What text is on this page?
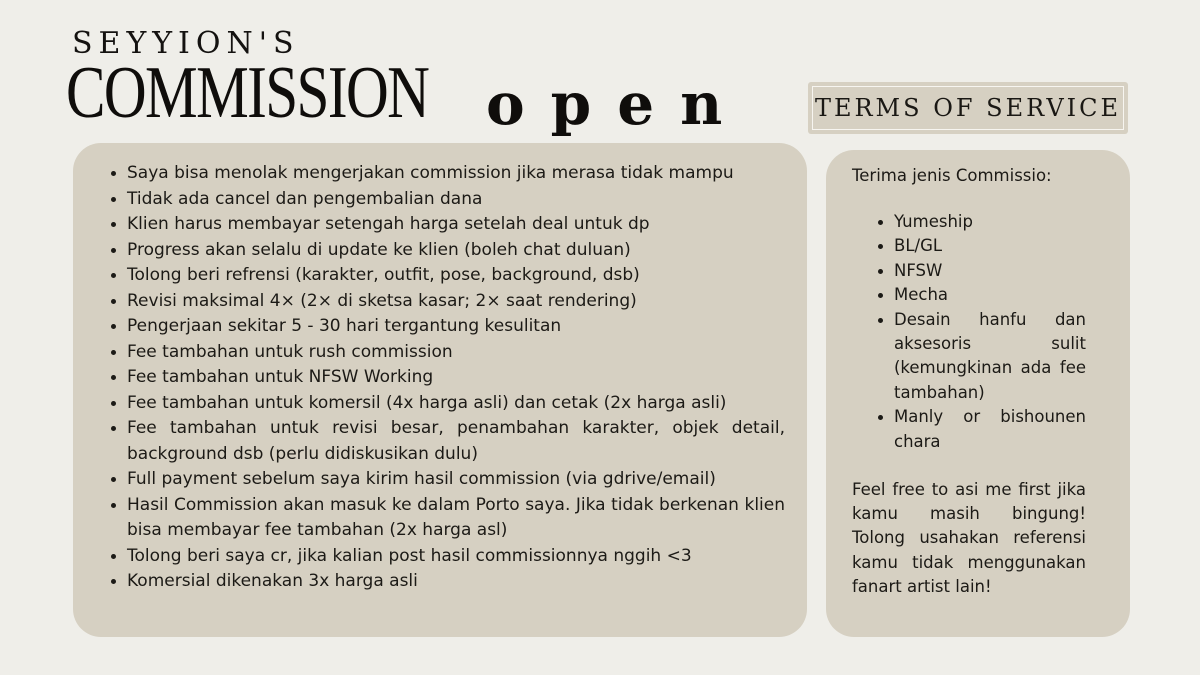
SEYYION'S
COMMISSION open	TERMS OF SERVICE
• Saya bisa menolak mengerjakan commission jika merasa tidak mampu
• Tidak ada cancel dan pengembalian dana
• Klien harus membayar setengah harga setelah deal untuk dp
• Progress akan selalu di update ke klien (boleh chat duluan)
• Tolong beri refrensi (karakter, outfit, pose, background, dsb)
• Revisi maksimal 4× (2× di sketsa kasar; 2× saat rendering)
• Pengerjaan sekitar 5 - 30 hari tergantung kesulitan
• Fee tambahan untuk rush commission
• Fee tambahan untuk NFSW Working
• Fee tambahan untuk komersil (4x harga asli) dan cetak (2x harga asli)
• Fee tambahan untuk revisi besar, penambahan karakter, objek detail, background dsb (perlu didiskusikan dulu)
• Full payment sebelum saya kirim hasil commission (via gdrive/email)
• Hasil Commission akan masuk ke dalam Porto saya. Jika tidak berkenan klien bisa membayar fee tambahan (2x harga asl)
• Tolong beri saya cr, jika kalian post hasil commissionnya nggih <3
• Komersial dikenakan 3x harga asli
Terima jenis Commissio:
• Yumeship
• BL/GL
• NFSW
• Mecha
• Desain hanfu dan aksesoris sulit (kemungkinan ada fee tambahan)
• Manly or bishounen chara
Feel free to asi me first jika kamu masih bingung! Tolong usahakan referensi kamu tidak menggunakan fanart artist lain!
